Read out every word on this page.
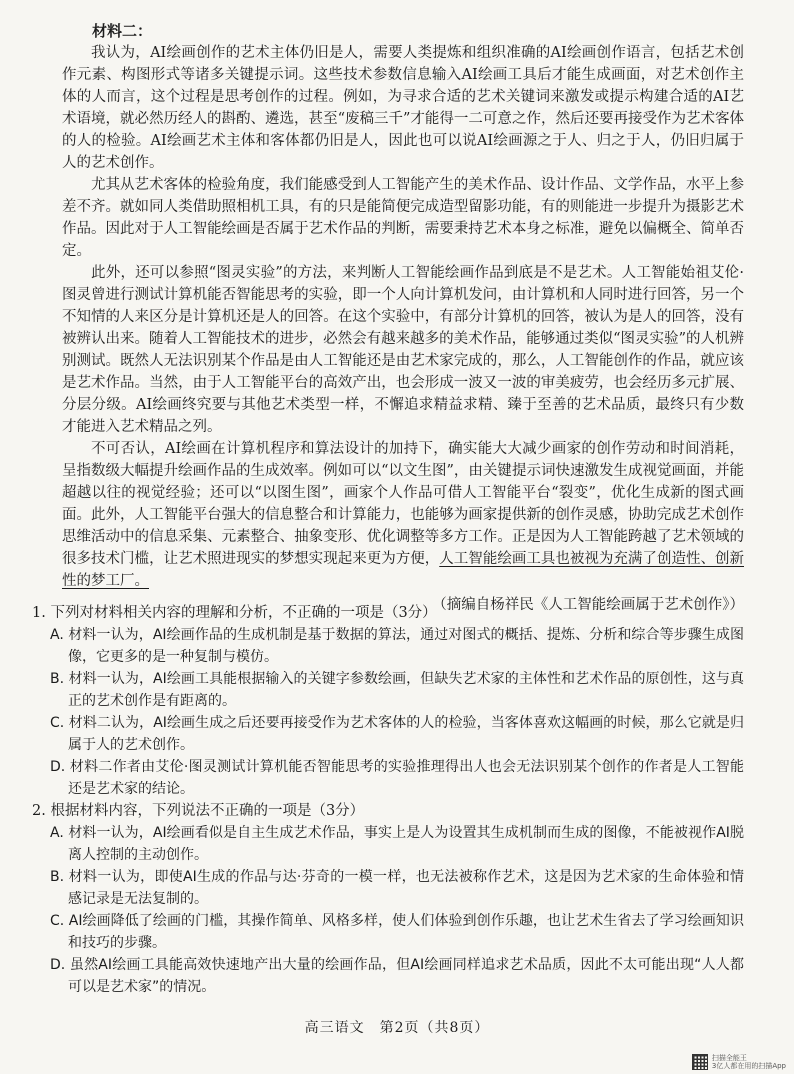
材料二：

我认为，AI绘画创作的艺术主体仍旧是人，需要人类提炼和组织准确的AI绘画创作语言，包括艺术创作元素、构图形式等诸多关键提示词。这些技术参数信息输入AI绘画工具后才能生成画面，对艺术创作主体的人而言，这个过程是思考创作的过程。例如，为寻求合适的艺术关键词来激发或提示构建合适的AI艺术语境，就必然历经人的斟酌、遴选，甚至“废稿三千”才能得一二可意之作，然后还要再接受作为艺术客体的人的检验。AI绘画艺术主体和客体都仍旧是人，因此也可以说AI绘画源之于人、归之于人，仍旧归属于人的艺术创作。

尤其从艺术客体的检验角度，我们能感受到人工智能产生的美术作品、设计作品、文学作品，水平上参差不齐。就如同人类借助照相机工具，有的只是能简便完成造型留影功能，有的则能进一步提升为摄影艺术作品。因此对于人工智能绘画是否属于艺术作品的判断，需要秉持艺术本身之标准，避免以偏概全、简单否定。

此外，还可以参照“图灵实验”的方法，来判断人工智能绘画作品到底是不是艺术。人工智能始祖艾伦·图灵曾进行测试计算机能否智能思考的实验，即一个人向计算机发问，由计算机和人同时进行回答，另一个不知情的人来区分是计算机还是人的回答。在这个实验中，有部分计算机的回答，被认为是人的回答，没有被辨认出来。随着人工智能技术的进步，必然会有越来越多的美术作品，能够通过类似“图灵实验”的人机辨别测试。既然人无法识别某个作品是由人工智能还是由艺术家完成的，那么，人工智能创作的作品，就应该是艺术作品。当然，由于人工智能平台的高效产出，也会形成一波又一波的审美疲劳，也会经历多元扩展、分层分级。AI绘画终究要与其他艺术类型一样，不懈追求精益求精、臻于至善的艺术品质，最终只有少数才能进入艺术精品之列。

不可否认，AI绘画在计算机程序和算法设计的加持下，确实能大大减少画家的创作劳动和时间消耗，呈指数级大幅提升绘画作品的生成效率。例如可以“以文生图”，由关键提示词快速激发生成视觉画面，并能超越以往的视觉经验；还可以“以图生图”，画家个人作品可借人工智能平台“裂变”，优化生成新的图式画面。此外，人工智能平台强大的信息整合和计算能力，也能够为画家提供新的创作灵感，协助完成艺术创作思维活动中的信息采集、元素整合、抽象变形、优化调整等多方工作。正是因为人工智能跨越了艺术领域的很多技术门槛，让艺术照进现实的梦想实现起来更为方便，人工智能绘画工具也被视为充满了创造性、创新性的梦工厂。

（摘编自杨祥民《人工智能绘画属于艺术创作》）

1. 下列对材料相关内容的理解和分析，不正确的一项是（3分）

A. 材料一认为，AI绘画作品的生成机制是基于数据的算法，通过对图式的概括、提炼、分析和综合等步骤生成图像，它更多的是一种复制与模仿。

B. 材料一认为，AI绘画工具能根据输入的关键字参数绘画，但缺失艺术家的主体性和艺术作品的原创性，这与真正的艺术创作是有距离的。

C. 材料二认为，AI绘画生成之后还要再接受作为艺术客体的人的检验，当客体喜欢这幅画的时候，那么它就是归属于人的艺术创作。

D. 材料二作者由艾伦·图灵测试计算机能否智能思考的实验推理得出人也会无法识别某个创作的作者是人工智能还是艺术家的结论。

2. 根据材料内容，下列说法不正确的一项是（3分）

A. 材料一认为，AI绘画看似是自主生成艺术作品，事实上是人为设置其生成机制而生成的图像，不能被视作AI脱离人控制的主动创作。

B. 材料一认为，即使AI生成的作品与达·芬奇的一模一样，也无法被称作艺术，这是因为艺术家的生命体验和情感记录是无法复制的。

C. AI绘画降低了绘画的门槛，其操作简单、风格多样，使人们体验到创作乐趣，也让艺术生省去了学习绘画知识和技巧的步骤。

D. 虽然AI绘画工具能高效快速地产出大量的绘画作品，但AI绘画同样追求艺术品质，因此不太可能出现“人人都可以是艺术家”的情况。

高三语文　第2页（共8页）
扫描全能王
3亿人都在用的扫描App
